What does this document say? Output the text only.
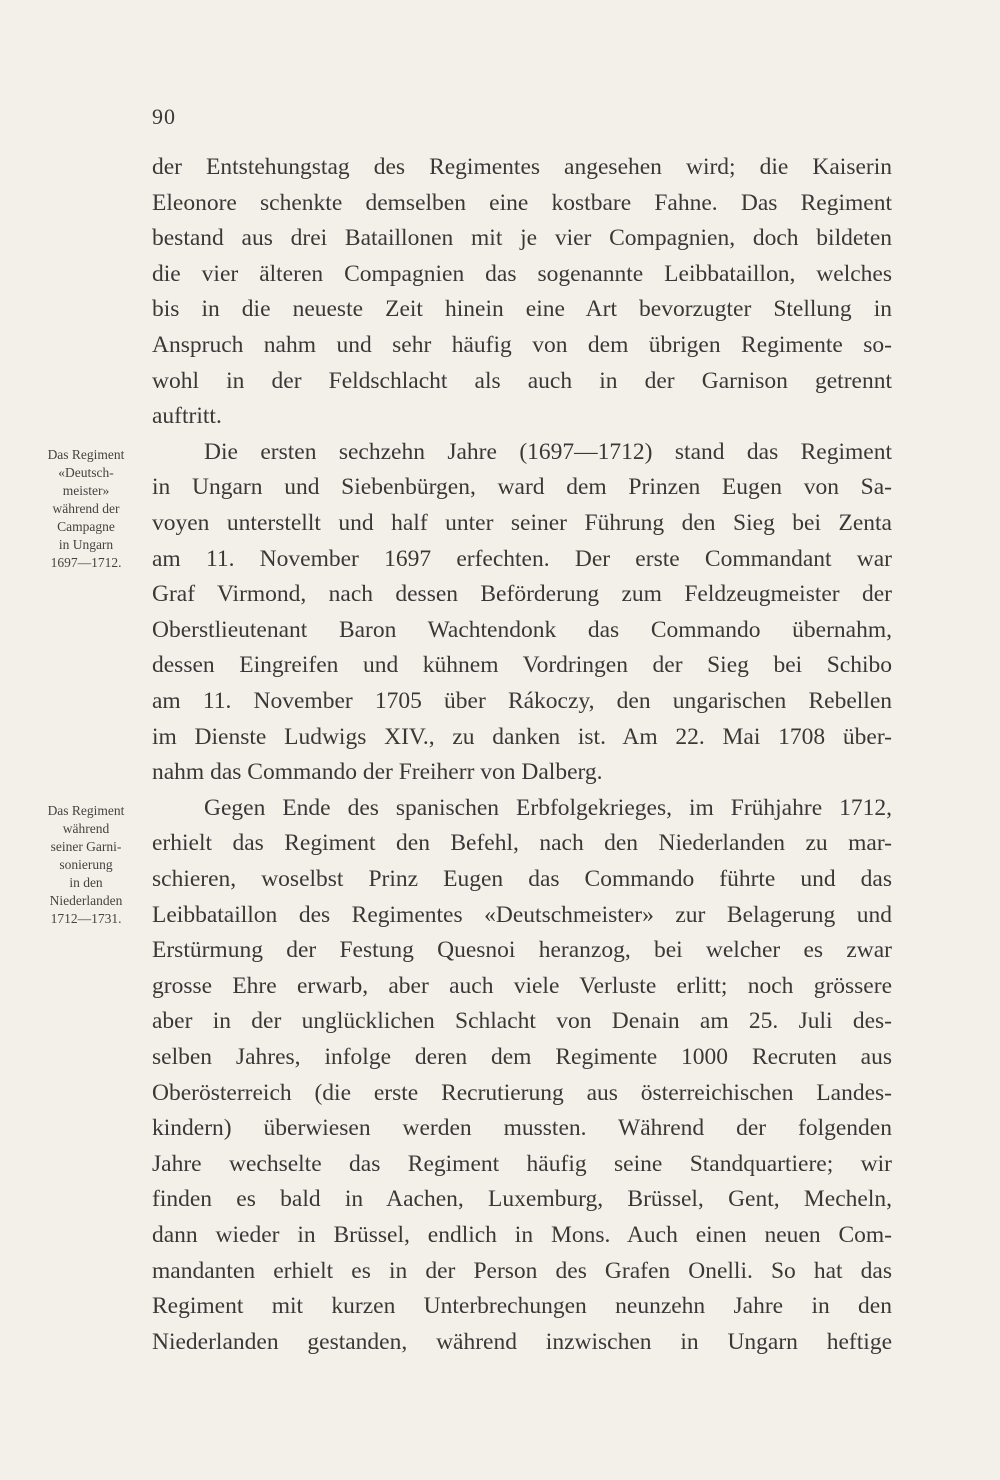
90
Das Regiment
«Deutsch-
meister»
während der
Campagne
in Ungarn
1697—1712.
Das Regiment
während
seiner Garni-
sonierung
in den
Niederlanden
1712—1731.
der Entstehungstag des Regimentes angesehen wird; die Kaiserin
Eleonore schenkte demselben eine kostbare Fahne. Das Regiment
bestand aus drei Bataillonen mit je vier Compagnien, doch bildeten
die vier älteren Compagnien das sogenannte Leibbataillon, welches
bis in die neueste Zeit hinein eine Art bevorzugter Stellung in
Anspruch nahm und sehr häufig von dem übrigen Regimente so-
wohl in der Feldschlacht als auch in der Garnison getrennt
auftritt.
Die ersten sechzehn Jahre (1697—1712) stand das Regiment
in Ungarn und Siebenbürgen, ward dem Prinzen Eugen von Sa-
voyen unterstellt und half unter seiner Führung den Sieg bei Zenta
am 11. November 1697 erfechten. Der erste Commandant war
Graf Virmond, nach dessen Beförderung zum Feldzeugmeister der
Oberstlieutenant Baron Wachtendonk das Commando übernahm,
dessen Eingreifen und kühnem Vordringen der Sieg bei Schibo
am 11. November 1705 über Rákoczy, den ungarischen Rebellen
im Dienste Ludwigs XIV., zu danken ist. Am 22. Mai 1708 über-
nahm das Commando der Freiherr von Dalberg.
Gegen Ende des spanischen Erbfolgekrieges, im Frühjahre 1712,
erhielt das Regiment den Befehl, nach den Niederlanden zu mar-
schieren, woselbst Prinz Eugen das Commando führte und das
Leibbataillon des Regimentes «Deutschmeister» zur Belagerung und
Erstürmung der Festung Quesnoi heranzog, bei welcher es zwar
grosse Ehre erwarb, aber auch viele Verluste erlitt; noch grössere
aber in der unglücklichen Schlacht von Denain am 25. Juli des-
selben Jahres, infolge deren dem Regimente 1000 Recruten aus
Oberösterreich (die erste Recrutierung aus österreichischen Landes-
kindern) überwiesen werden mussten. Während der folgenden
Jahre wechselte das Regiment häufig seine Standquartiere; wir
finden es bald in Aachen, Luxemburg, Brüssel, Gent, Mecheln,
dann wieder in Brüssel, endlich in Mons. Auch einen neuen Com-
mandanten erhielt es in der Person des Grafen Onelli. So hat das
Regiment mit kurzen Unterbrechungen neunzehn Jahre in den
Niederlanden gestanden, während inzwischen in Ungarn heftige
